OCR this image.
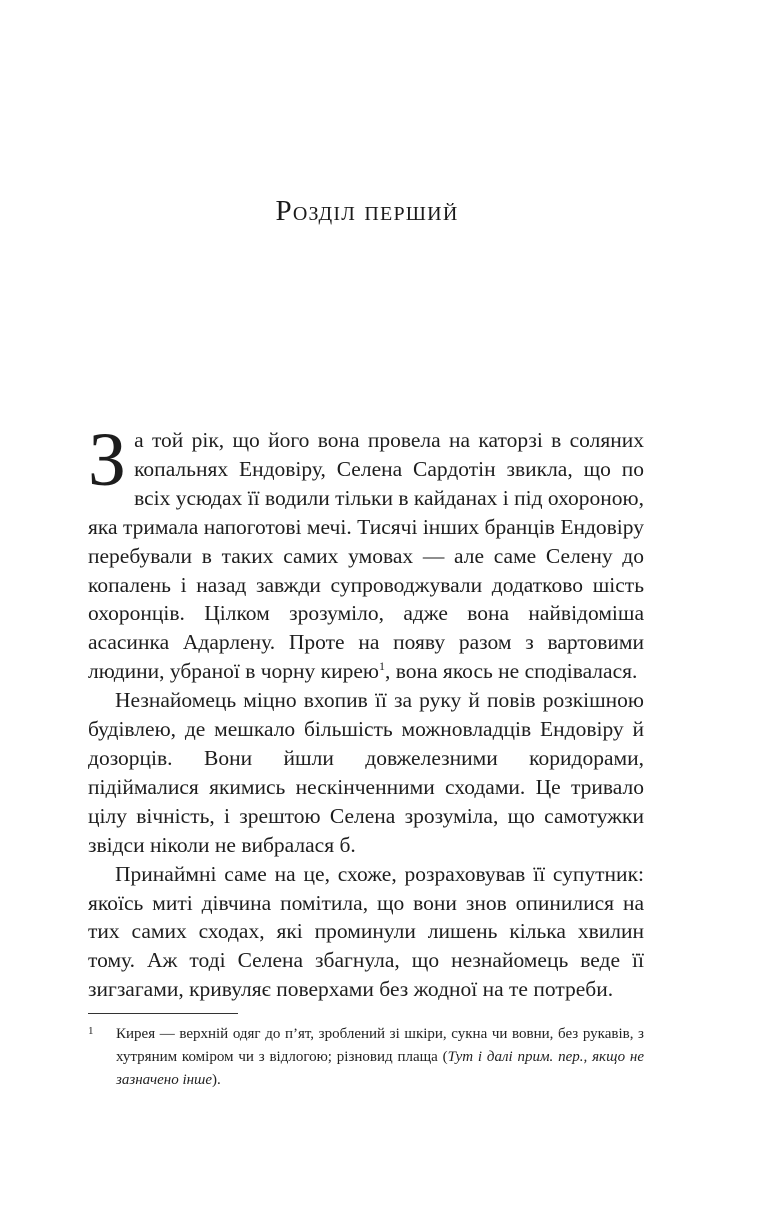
Розділ перший

За той рік, що його вона провела на каторзі в соляних копальнях Ендовіру, Селена Сардотін звикла, що по всіх усюдах її водили тільки в кайданах і під охороною, яка тримала напоготові мечі. Тисячі інших бранців Ендовіру перебували в таких самих умовах — але саме Селену до копалень і назад завжди супроводжували додатково шість охоронців. Цілком зрозуміло, адже вона найвідоміша асасинка Адарлену. Проте на появу разом з вартовими людини, убраної в чорну кирею$^1$, вона якось не сподівалася.

Незнайомець міцно вхопив її за руку й повів розкішною будівлею, де мешкало більшість можновладців Ендовіру й дозорців. Вони йшли довжелезними коридорами, підіймалися якимись нескінченними сходами. Це тривало цілу вічність, і зрештою Селена зрозуміла, що самотужки звідси ніколи не вибралася б.

Принаймні саме на це, схоже, розраховував її супутник: якоїсь миті дівчина помітила, що вони знов опинилися на тих самих сходах, які проминули лишень кілька хвилин тому. Аж тоді Селена збагнула, що незнайомець веде її зигзагами, кривуляє поверхами без жодної на те потреби.

1 Кирея — верхній одяг до п’ят, зроблений зі шкіри, сукна чи вовни, без рукавів, з хутряним коміром чи з відлогою; різновид плаща (Тут і далі прим. пер., якщо не зазначено інше).
